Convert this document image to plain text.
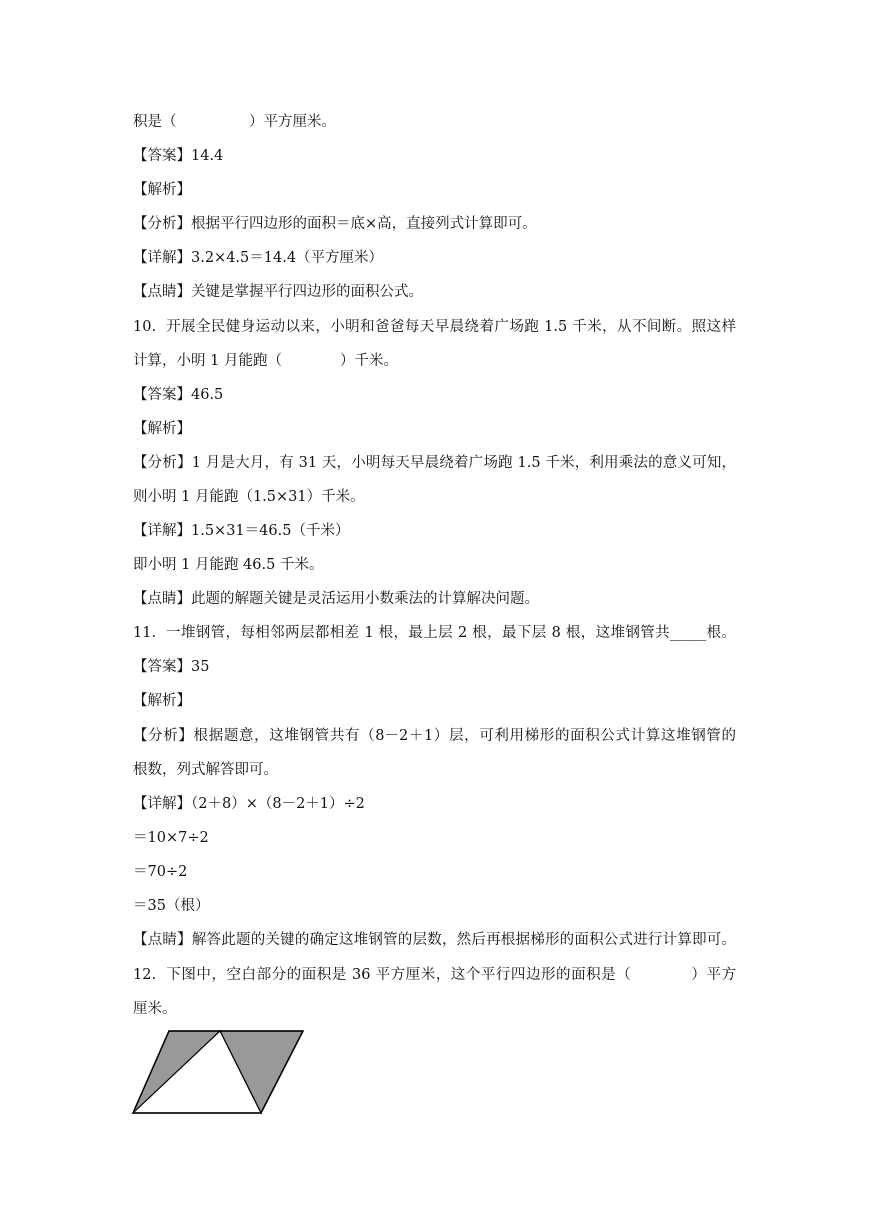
积是（　　　　　）平方厘米。
【答案】14.4
【解析】
【分析】根据平行四边形的面积＝底×高，直接列式计算即可。
【详解】3.2×4.5＝14.4（平方厘米）
【点睛】关键是掌握平行四边形的面积公式。
10.  开展全民健身运动以来，小明和爸爸每天早晨绕着广场跑 1.5 千米，从不间断。照这样
计算，小明 1 月能跑（　　　　）千米。
【答案】46.5
【解析】
【分析】1 月是大月，有 31 天，小明每天早晨绕着广场跑 1.5 千米，利用乘法的意义可知，
则小明 1 月能跑（1.5×31）千米。
【详解】1.5×31＝46.5（千米）
即小明 1 月能跑 46.5 千米。
【点睛】此题的解题关键是灵活运用小数乘法的计算解决问题。
11.  一堆钢管，每相邻两层都相差 1 根，最上层 2 根，最下层 8 根，这堆钢管共_____根。
【答案】35
【解析】
【分析】根据题意，这堆钢管共有（8－2＋1）层，可利用梯形的面积公式计算这堆钢管的
根数，列式解答即可。
【详解】（2＋8）×（8－2＋1）÷2
＝10×7÷2
＝70÷2
＝35（根）
【点睛】解答此题的关键的确定这堆钢管的层数，然后再根据梯形的面积公式进行计算即可。
12.  下图中，空白部分的面积是 36 平方厘米，这个平行四边形的面积是（　　　　）平方
厘米。
